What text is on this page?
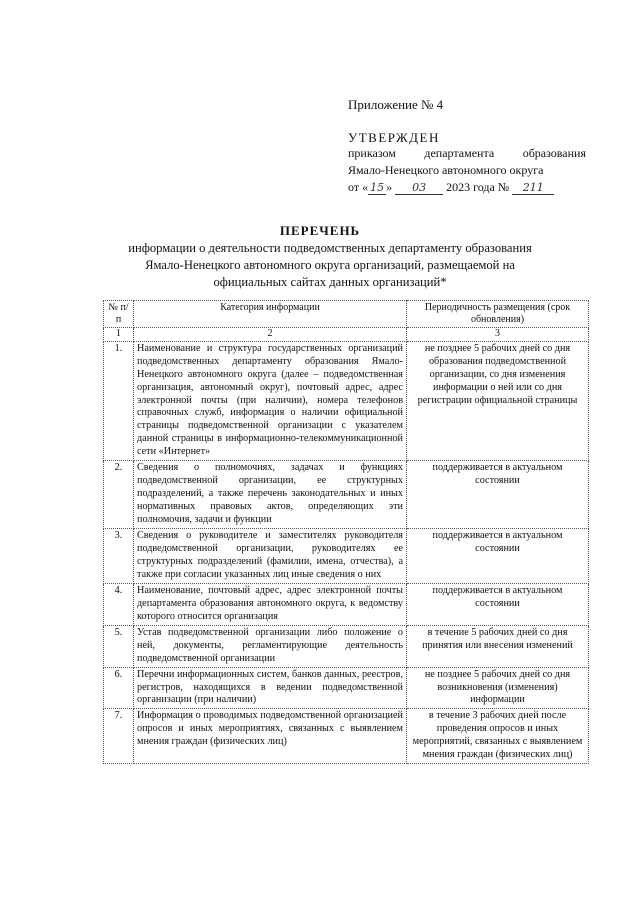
Приложение № 4
УТВЕРЖДЕН
приказом департамента образования
Ямало-Ненецкого автономного округа
от « 15 » 03 2023 года № 211
ПЕРЕЧЕНЬ
информации о деятельности подведомственных департаменту образования
Ямало-Ненецкого автономного округа организаций, размещаемой на
официальных сайтах данных организаций*
№ п/п	Категория информации	Периодичность размещения (срок обновления)
1	2	3
1.	Наименование и структура государственных организаций подведомственных департаменту образования Ямало-Ненецкого автономного округа (далее – подведомственная организация, автономный округ), почтовый адрес, адрес электронной почты (при наличии), номера телефонов справочных служб, информация о наличии официальной страницы подведомственной организации с указателем данной страницы в информационно-телекоммуникационной сети «Интернет»	не позднее 5 рабочих дней со дня образования подведомственной организации, со дня изменения информации о ней или со дня регистрации официальной страницы
2.	Сведения о полномочиях, задачах и функциях подведомственной организации, ее структурных подразделений, а также перечень законодательных и иных нормативных правовых актов, определяющих эти полномочия, задачи и функции	поддерживается в актуальном состоянии
3.	Сведения о руководителе и заместителях руководителя подведомственной организации, руководителях ее структурных подразделений (фамилии, имена, отчества), а также при согласии указанных лиц иные сведения о них	поддерживается в актуальном состоянии
4.	Наименование, почтовый адрес, адрес электронной почты департамента образования автономного округа, к ведомству которого относится организация	поддерживается в актуальном состоянии
5.	Устав подведомственной организации либо положение о ней, документы, регламентирующие деятельность подведомственной организации	в течение 5 рабочих дней со дня принятия или внесения изменений
6.	Перечни информационных систем, банков данных, реестров, регистров, находящихся в ведении подведомственной организации (при наличии)	не позднее 5 рабочих дней со дня возникновения (изменения) информации
7.	Информация о проводимых подведомственной организацией опросов и иных мероприятиях, связанных с выявлением мнения граждан (физических лиц)	в течение 3 рабочих дней после проведения опросов и иных мероприятий, связанных с выявлением мнения граждан (физических лиц)
